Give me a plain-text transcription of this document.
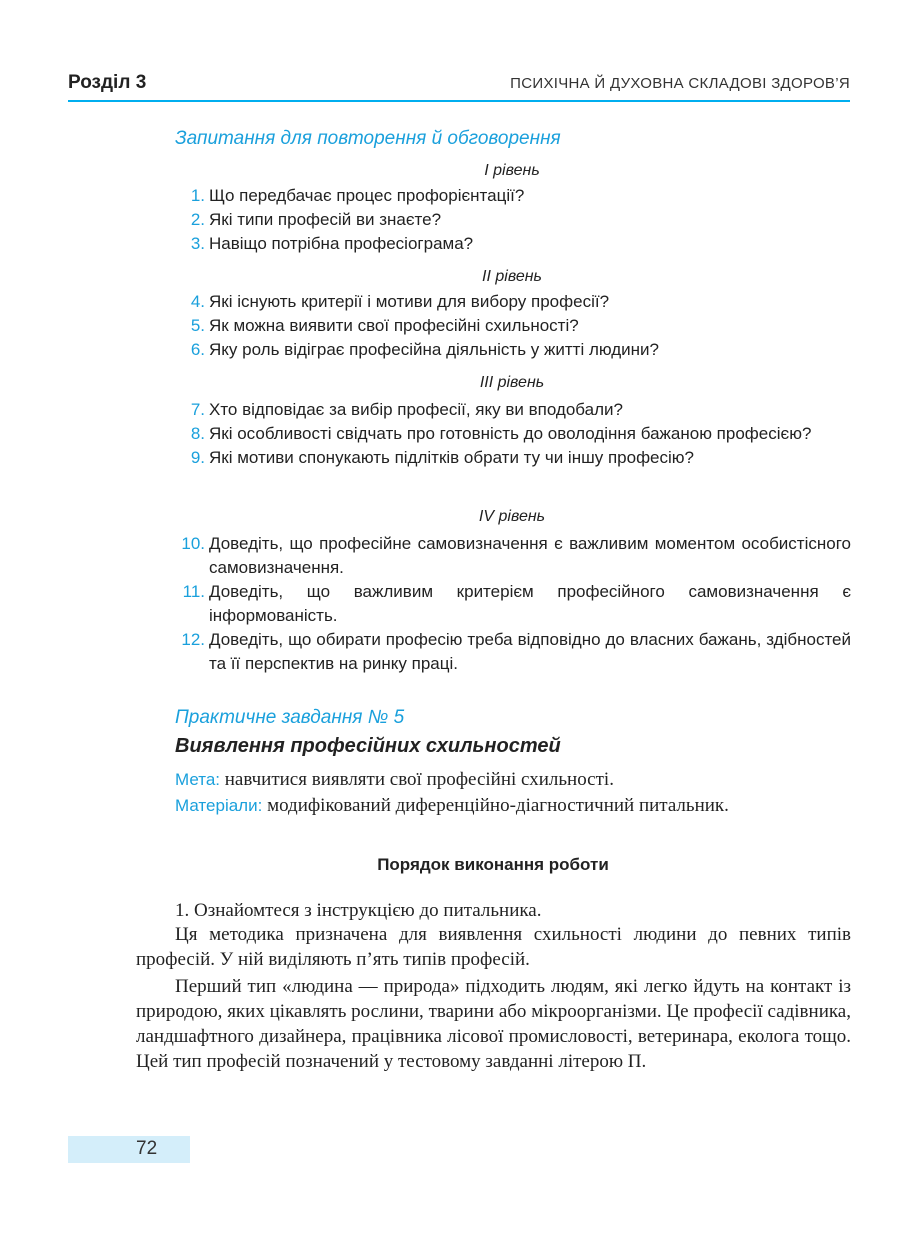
Розділ 3	ПСИХІЧНА Й ДУХОВНА СКЛАДОВІ ЗДОРОВ’Я
Запитання для повторення й обговорення
I рівень
1. Що передбачає процес профорієнтації?
2. Які типи професій ви знаєте?
3. Навіщо потрібна професіограма?
II рівень
4. Які існують критерії і мотиви для вибору професії?
5. Як можна виявити свої професійні схильності?
6. Яку роль відіграє професійна діяльність у житті людини?
III рівень
7. Хто відповідає за вибір професії, яку ви вподобали?
8. Які особливості свідчать про готовність до оволодіння бажаною професією?
9. Які мотиви спонукають підлітків обрати ту чи іншу професію?
IV рівень
10. Доведіть, що професійне самовизначення є важливим моментом особистісного самовизначення.
11. Доведіть, що важливим критерієм професійного самовизначення є інформованість.
12. Доведіть, що обирати професію треба відповідно до власних бажань, здібностей та її перспектив на ринку праці.
Практичне завдання № 5
Виявлення професійних схильностей
Мета: навчитися виявляти свої професійні схильності.
Матеріали: модифікований диференційно-діагностичний питальник.
Порядок виконання роботи
1. Ознайомтеся з інструкцією до питальника.
Ця методика призначена для виявлення схильності людини до певних типів професій. У ній виділяють п’ять типів професій.
Перший тип «людина — природа» підходить людям, які легко йдуть на контакт із природою, яких цікавлять рослини, тварини або мікроорганізми. Це професії садівника, ландшафтного дизайнера, працівника лісової промисловості, ветеринара, еколога тощо. Цей тип професій позначений у тестовому завданні літерою П.
72
